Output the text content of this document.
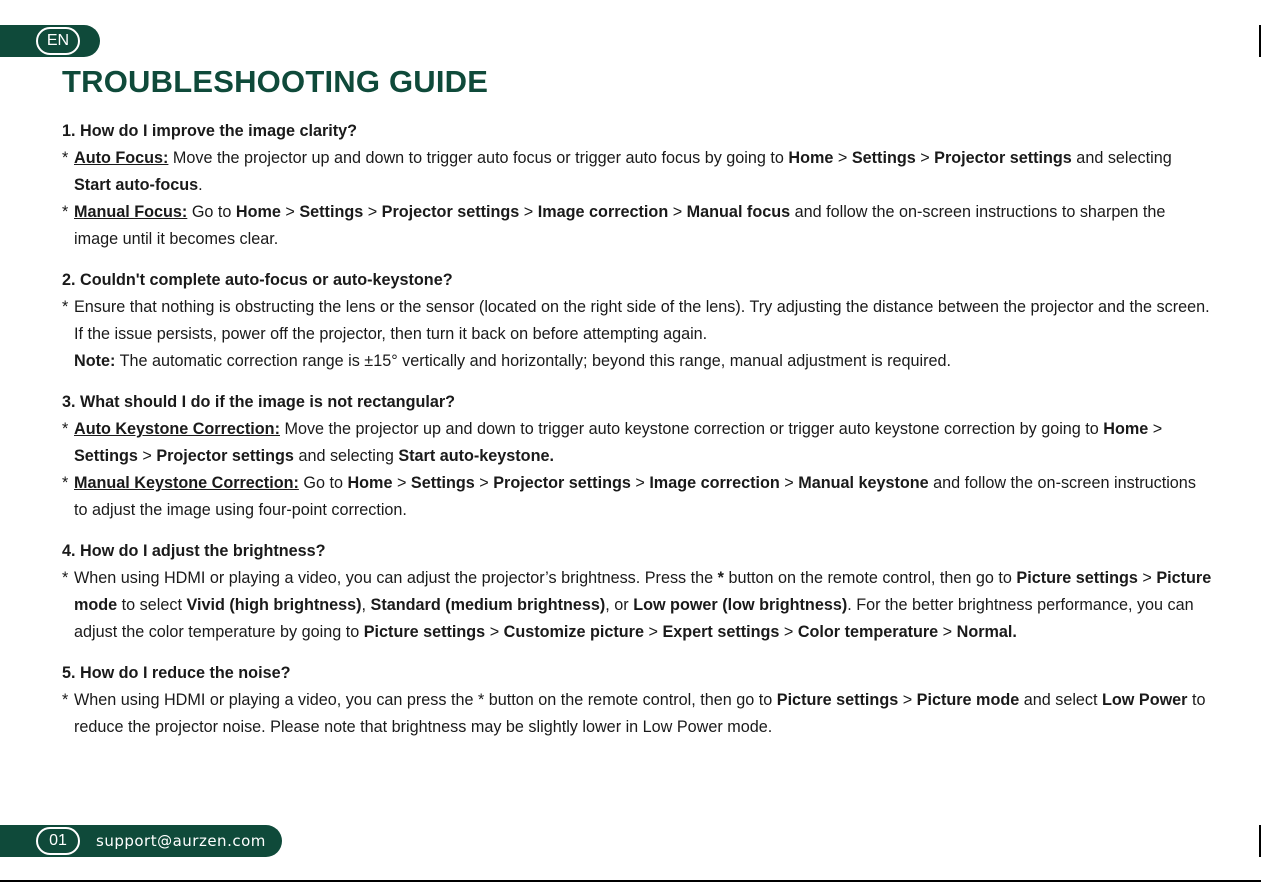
EN
TROUBLESHOOTING GUIDE

1. How do I improve the image clarity?

* Auto Focus: Move the projector up and down to trigger auto focus or trigger auto focus by going to Home > Settings > Projector settings and selecting Start auto-focus.

* Manual Focus: Go to Home > Settings > Projector settings > Image correction > Manual focus and follow the on-screen instructions to sharpen the image until it becomes clear.

2. Couldn't complete auto-focus or auto-keystone?

* Ensure that nothing is obstructing the lens or the sensor (located on the right side of the lens). Try adjusting the distance between the projector and the screen. If the issue persists, power off the projector, then turn it back on before attempting again.

Note: The automatic correction range is ±15° vertically and horizontally; beyond this range, manual adjustment is required.

3. What should I do if the image is not rectangular?

* Auto Keystone Correction: Move the projector up and down to trigger auto keystone correction or trigger auto keystone correction by going to Home > Settings > Projector settings and selecting Start auto-keystone.

* Manual Keystone Correction: Go to Home > Settings > Projector settings > Image correction > Manual keystone and follow the on-screen instructions to adjust the image using four-point correction.

4. How do I adjust the brightness?

* When using HDMI or playing a video, you can adjust the projector’s brightness. Press the * button on the remote control, then go to Picture settings > Picture mode to select Vivid (high brightness), Standard (medium brightness), or Low power (low brightness). For the better brightness performance, you can adjust the color temperature by going to Picture settings > Customize picture > Expert settings > Color temperature > Normal.

5. How do I reduce the noise?

* When using HDMI or playing a video, you can press the * button on the remote control, then go to Picture settings > Picture mode and select Low Power to reduce the projector noise. Please note that brightness may be slightly lower in Low Power mode.

01	support@aurzen.com
